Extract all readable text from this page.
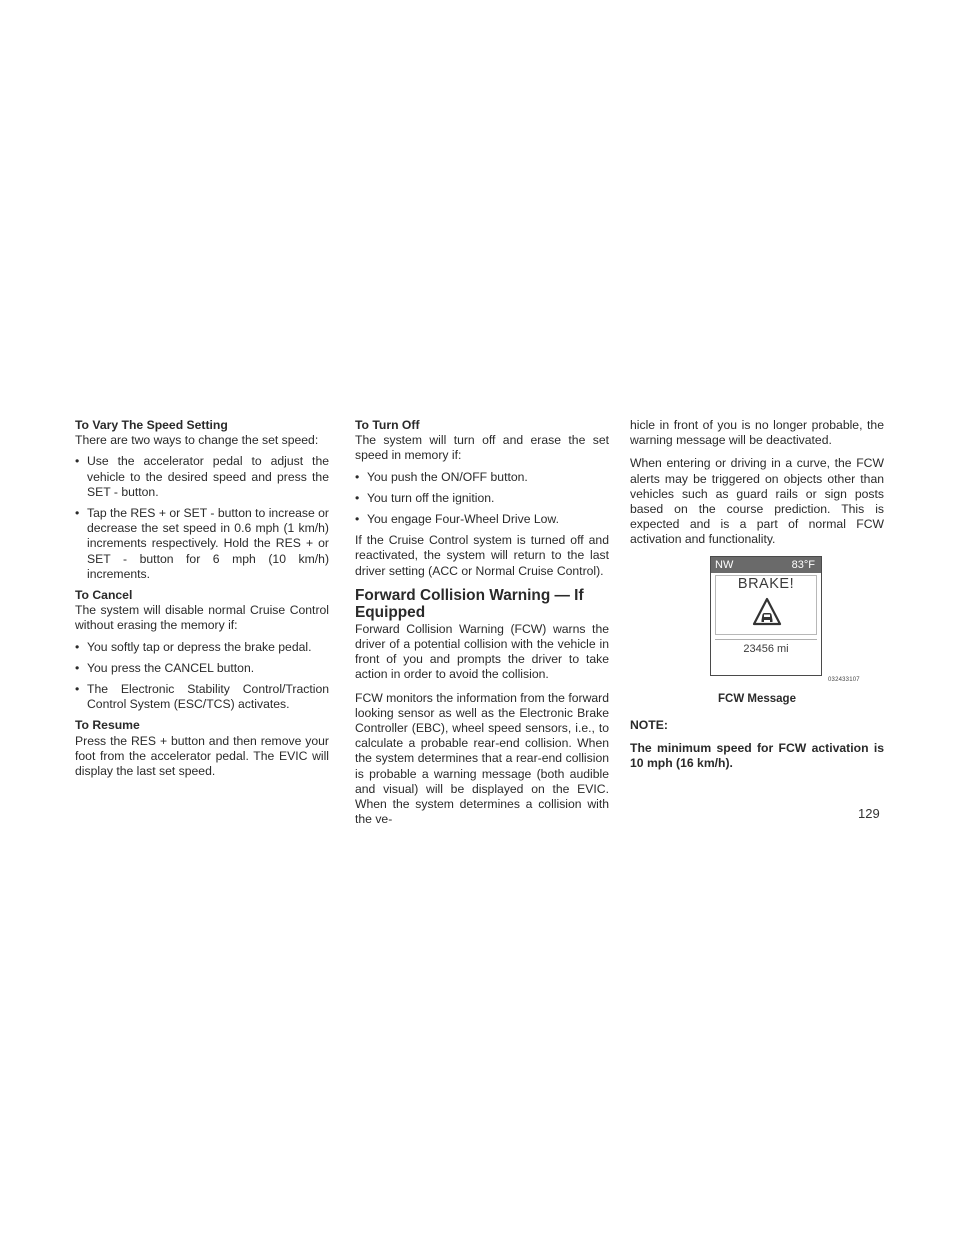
To Vary The Speed Setting

There are two ways to change the set speed:

• Use the accelerator pedal to adjust the vehicle to the desired speed and press the SET - button.
• Tap the RES + or SET - button to increase or decrease the set speed in 0.6 mph (1 km/h) increments respectively. Hold the RES + or SET - button for 6 mph (10 km/h) increments.

To Cancel

The system will disable normal Cruise Control without erasing the memory if:

• You softly tap or depress the brake pedal.
• You press the CANCEL button.
• The Electronic Stability Control/Traction Control System (ESC/TCS) activates.

To Resume

Press the RES + button and then remove your foot from the accelerator pedal. The EVIC will display the last set speed.

To Turn Off

The system will turn off and erase the set speed in memory if:

• You push the ON/OFF button.
• You turn off the ignition.
• You engage Four-Wheel Drive Low.

If the Cruise Control system is turned off and reactivated, the system will return to the last driver setting (ACC or Normal Cruise Control).

Forward Collision Warning — If Equipped

Forward Collision Warning (FCW) warns the driver of a potential collision with the vehicle in front of you and prompts the driver to take action in order to avoid the collision.

FCW monitors the information from the forward looking sensor as well as the Electronic Brake Controller (EBC), wheel speed sensors, i.e., to calculate a probable rear-end collision. When the system determines that a rear-end collision is probable a warning message (both audible and visual) will be displayed on the EVIC. When the system determines a collision with the ve-

hicle in front of you is no longer probable, the warning message will be deactivated.

When entering or driving in a curve, the FCW alerts may be triggered on objects other than vehicles such as guard rails or sign posts based on the course prediction. This is expected and is a part of normal FCW activation and functionality.

NW	83°F
BRAKE!
23456 mi
032433107
FCW Message

NOTE:

The minimum speed for FCW activation is 10 mph (16 km/h).

129
